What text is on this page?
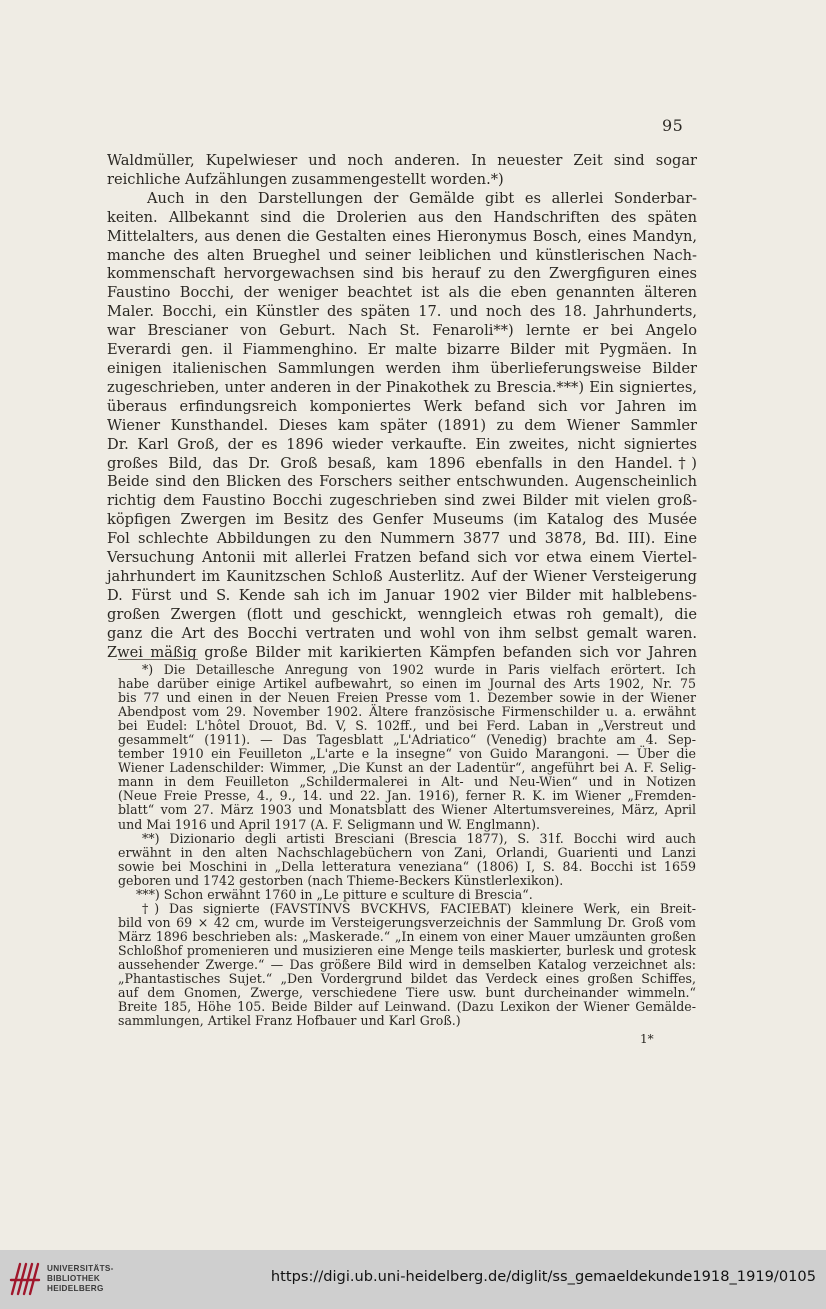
95
Waldmüller, Kupelwieser und noch anderen. In neuester Zeit sind sogar
reichliche Aufzählungen zusammengestellt worden.*)
Auch in den Darstellungen der Gemälde gibt es allerlei Sonderbar-
keiten. Allbekannt sind die Drolerien aus den Handschriften des späten
Mittelalters, aus denen die Gestalten eines Hieronymus Bosch, eines Mandyn,
manche des alten Brueghel und seiner leiblichen und künstlerischen Nach-
kommenschaft hervorgewachsen sind bis herauf zu den Zwergfiguren eines
Faustino Bocchi, der weniger beachtet ist als die eben genannten älteren
Maler. Bocchi, ein Künstler des späten 17. und noch des 18. Jahrhunderts,
war Brescianer von Geburt. Nach St. Fenaroli**) lernte er bei Angelo
Everardi gen. il Fiammenghino. Er malte bizarre Bilder mit Pygmäen. In
einigen italienischen Sammlungen werden ihm überlieferungsweise Bilder
zugeschrieben, unter anderen in der Pinakothek zu Brescia.***) Ein signiertes,
überaus erfindungsreich komponiertes Werk befand sich vor Jahren im
Wiener Kunsthandel. Dieses kam später (1891) zu dem Wiener Sammler
Dr. Karl Groß, der es 1896 wieder verkaufte. Ein zweites, nicht signiertes
großes Bild, das Dr. Groß besaß, kam 1896 ebenfalls in den Handel.†)
Beide sind den Blicken des Forschers seither entschwunden. Augenscheinlich
richtig dem Faustino Bocchi zugeschrieben sind zwei Bilder mit vielen groß-
köpfigen Zwergen im Besitz des Genfer Museums (im Katalog des Musée
Fol schlechte Abbildungen zu den Nummern 3877 und 3878, Bd. III). Eine
Versuchung Antonii mit allerlei Fratzen befand sich vor etwa einem Viertel-
jahrhundert im Kaunitzschen Schloß Austerlitz. Auf der Wiener Versteigerung
D. Fürst und S. Kende sah ich im Januar 1902 vier Bilder mit halblebens-
großen Zwergen (flott und geschickt, wenngleich etwas roh gemalt), die
ganz die Art des Bocchi vertraten und wohl von ihm selbst gemalt waren.
Zwei mäßig große Bilder mit karikierten Kämpfen befanden sich vor Jahren
*) Die Detaillesche Anregung von 1902 wurde in Paris vielfach erörtert. Ich
habe darüber einige Artikel aufbewahrt, so einen im Journal des Arts 1902, Nr. 75
bis 77 und einen in der Neuen Freien Presse vom 1. Dezember sowie in der Wiener
Abendpost vom 29. November 1902. Ältere französische Firmenschilder u. a. erwähnt
bei Eudel: L'hôtel Drouot, Bd. V, S. 102ff., und bei Ferd. Laban in „Verstreut und
gesammelt“ (1911). — Das Tagesblatt „L'Adriatico“ (Venedig) brachte am 4. Sep-
tember 1910 ein Feuilleton „L'arte e la insegne“ von Guido Marangoni. — Über die
Wiener Ladenschilder: Wimmer, „Die Kunst an der Ladentür“, angeführt bei A. F. Selig-
mann in dem Feuilleton „Schildermalerei in Alt- und Neu-Wien“ und in Notizen
(Neue Freie Presse, 4., 9., 14. und 22. Jan. 1916), ferner R. K. im Wiener „Fremden-
blatt“ vom 27. März 1903 und Monatsblatt des Wiener Altertumsvereines, März, April
und Mai 1916 und April 1917 (A. F. Seligmann und W. Englmann).
**) Dizionario degli artisti Bresciani (Brescia 1877), S. 31f. Bocchi wird auch
erwähnt in den alten Nachschlagebüchern von Zani, Orlandi, Guarienti und Lanzi
sowie bei Moschini in „Della letteratura veneziana“ (1806) I, S. 84. Bocchi ist 1659
geboren und 1742 gestorben (nach Thieme-Beckers Künstlerlexikon).
***) Schon erwähnt 1760 in „Le pitture e sculture di Brescia“.
†) Das signierte (FAVSTINVS BVCKHVS, FACIEBAT) kleinere Werk, ein Breit-
bild von 69 × 42 cm, wurde im Versteigerungsverzeichnis der Sammlung Dr. Groß vom
März 1896 beschrieben als: „Maskerade.“ „In einem von einer Mauer umzäunten großen
Schloßhof promenieren und musizieren eine Menge teils maskierter, burlesk und grotesk
aussehender Zwerge.“ — Das größere Bild wird in demselben Katalog verzeichnet als:
„Phantastisches Sujet.“ „Den Vordergrund bildet das Verdeck eines großen Schiffes,
auf dem Gnomen, Zwerge, verschiedene Tiere usw. bunt durcheinander wimmeln.“
Breite 185, Höhe 105. Beide Bilder auf Leinwand. (Dazu Lexikon der Wiener Gemälde-
sammlungen, Artikel Franz Hofbauer und Karl Groß.)
1*
UNIVERSITÄTS-
BIBLIOTHEK
HEIDELBERG
https://digi.ub.uni-heidelberg.de/diglit/ss_gemaeldekunde1918_1919/0105
